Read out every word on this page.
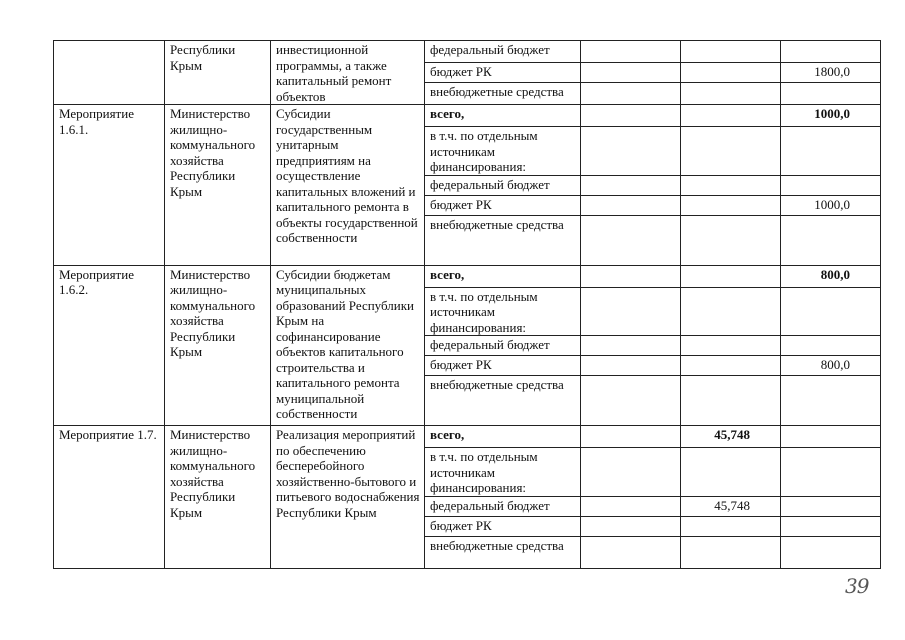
	Республики Крым	инвестиционной программы, а также капитальный ремонт объектов	федеральный бюджет			
			бюджет РК			1800,0
			внебюджетные средства			
Мероприятие 1.6.1.	Министерство жилищно-коммунального хозяйства Республики Крым	Субсидии государственным унитарным предприятиям на осуществление капитальных вложений и капитального ремонта в объекты государственной собственности	всего,			1000,0
			в т.ч. по отдельным источникам финансирования:			
			федеральный бюджет			
			бюджет РК			1000,0
			внебюджетные средства			
Мероприятие 1.6.2.	Министерство жилищно-коммунального хозяйства Республики Крым	Субсидии бюджетам муниципальных образований Республики Крым на софинансирование объектов капитального строительства и капитального ремонта муниципальной собственности	всего,			800,0
			в т.ч. по отдельным источникам финансирования:			
			федеральный бюджет			
			бюджет РК			800,0
			внебюджетные средства			
Мероприятие 1.7.	Министерство жилищно-коммунального хозяйства Республики Крым	Реализация мероприятий по обеспечению бесперебойного хозяйственно-бытового и питьевого водоснабжения Республики Крым	всего,		45,748	
			в т.ч. по отдельным источникам финансирования:			
			федеральный бюджет		45,748	
			бюджет РК			
			внебюджетные средства			
39
